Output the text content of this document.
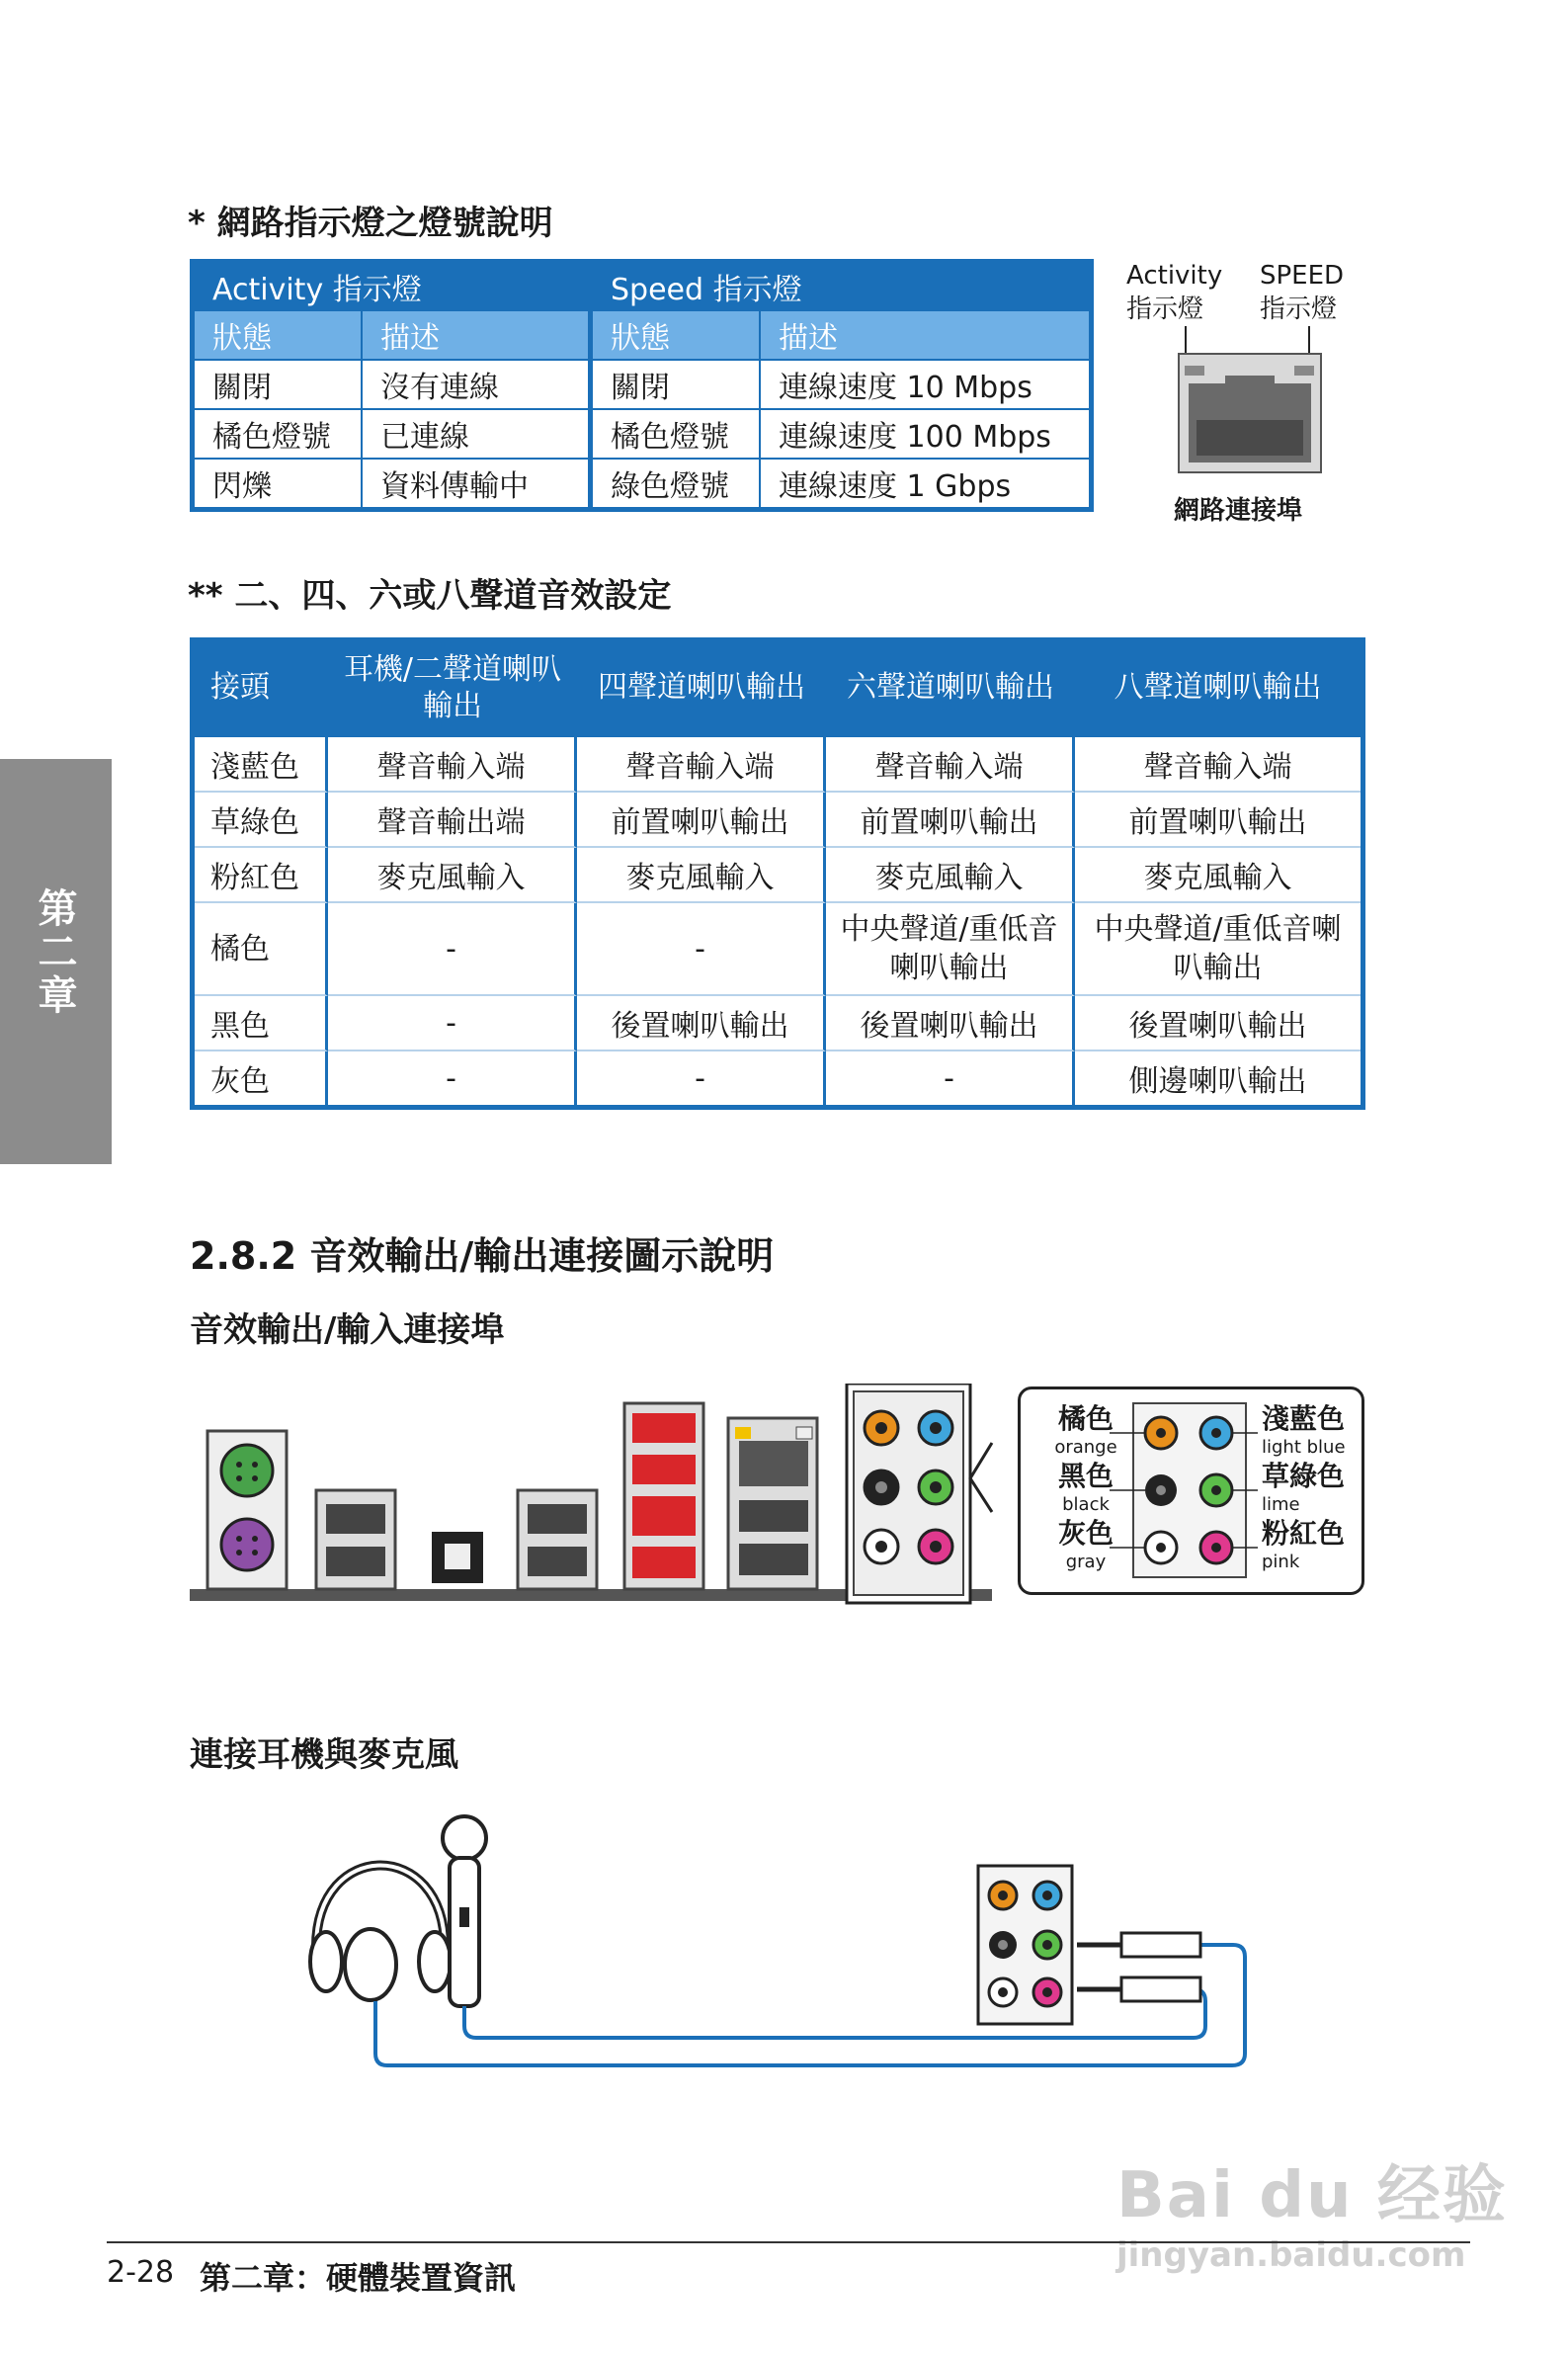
第二章
* 網路指示燈之燈號說明
Activity 指示燈		Speed 指示燈	
狀態	描述	狀態	描述
關閉	沒有連線	關閉	連線速度 10 Mbps
橘色燈號	已連線	橘色燈號	連線速度 100 Mbps
閃爍	資料傳輸中	綠色燈號	連線速度 1 Gbps
Activity
指示燈
SPEED
指示燈
網路連接埠
** 二、四、六或八聲道音效設定
接頭	耳機/二聲道喇叭輸出	四聲道喇叭輸出	六聲道喇叭輸出	八聲道喇叭輸出
淺藍色	聲音輸入端	聲音輸入端	聲音輸入端	聲音輸入端
草綠色	聲音輸出端	前置喇叭輸出	前置喇叭輸出	前置喇叭輸出
粉紅色	麥克風輸入	麥克風輸入	麥克風輸入	麥克風輸入
橘色	-	-	中央聲道/重低音喇叭輸出	中央聲道/重低音喇叭輸出
黑色	-	後置喇叭輸出	後置喇叭輸出	後置喇叭輸出
灰色	-	-	-	側邊喇叭輸出
2.8.2 音效輸出/輸出連接圖示說明
音效輸出/輸入連接埠
橘色
orange
黑色
black
灰色
gray
淺藍色
light blue
草綠色
lime
粉紅色
pink
連接耳機與麥克風
Bai du 经验
jingyan.baidu.com
2-28 第二章：硬體裝置資訊
